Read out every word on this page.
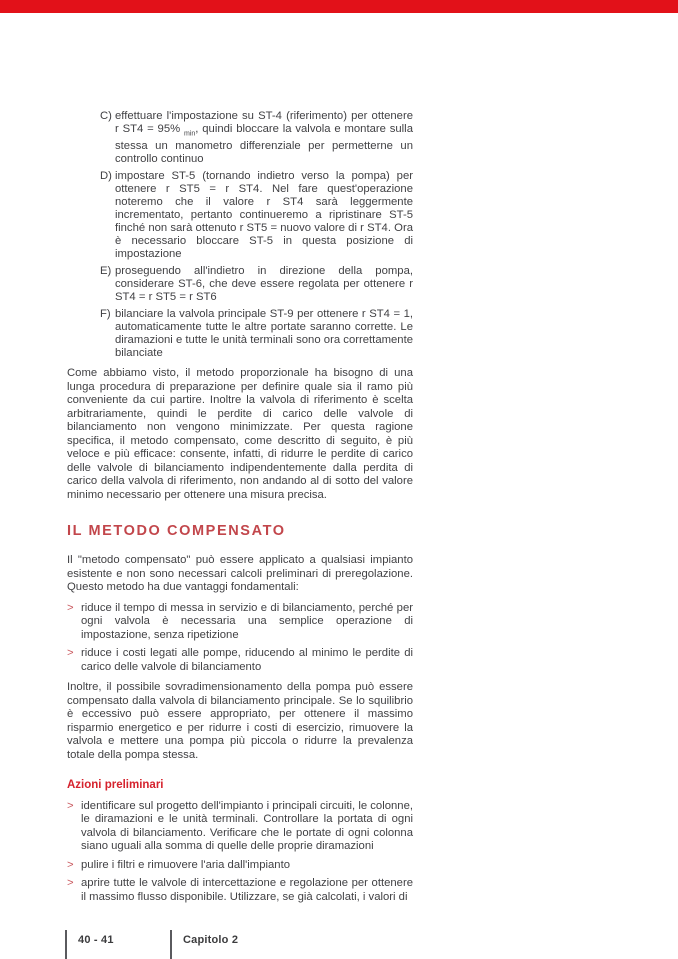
C) effettuare l'impostazione su ST-4 (riferimento) per ottenere r ST4 = 95% $_{min}$, quindi bloccare la valvola e montare sulla stessa un manometro differenziale per permetterne un controllo continuo
D) impostare ST-5 (tornando indietro verso la pompa) per ottenere r ST5 = r ST4. Nel fare quest'operazione noteremo che il valore r ST4 sarà leggermente incrementato, pertanto continueremo a ripristinare ST-5 finché non sarà ottenuto r ST5 = nuovo valore di r ST4. Ora è necessario bloccare ST-5 in questa posizione di impostazione
E) proseguendo all'indietro in direzione della pompa, considerare ST-6, che deve essere regolata per ottenere r ST4 = r ST5 = r ST6
F) bilanciare la valvola principale ST-9 per ottenere r ST4 = 1, automaticamente tutte le altre portate saranno corrette. Le diramazioni e tutte le unità terminali sono ora correttamente bilanciate
Come abbiamo visto, il metodo proporzionale ha bisogno di una lunga procedura di preparazione per definire quale sia il ramo più conveniente da cui partire. Inoltre la valvola di riferimento è scelta arbitrariamente, quindi le perdite di carico delle valvole di bilanciamento non vengono minimizzate. Per questa ragione specifica, il metodo compensato, come descritto di seguito, è più veloce e più efficace: consente, infatti, di ridurre le perdite di carico delle valvole di bilanciamento indipendentemente dalla perdita di carico della valvola di riferimento, non andando al di sotto del valore minimo necessario per ottenere una misura precisa.
IL METODO COMPENSATO
Il "metodo compensato" può essere applicato a qualsiasi impianto esistente e non sono necessari calcoli preliminari di preregolazione. Questo metodo ha due vantaggi fondamentali:
> riduce il tempo di messa in servizio e di bilanciamento, perché per ogni valvola è necessaria una semplice operazione di impostazione, senza ripetizione
> riduce i costi legati alle pompe, riducendo al minimo le perdite di carico delle valvole di bilanciamento
Inoltre, il possibile sovradimensionamento della pompa può essere compensato dalla valvola di bilanciamento principale. Se lo squilibrio è eccessivo può essere appropriato, per ottenere il massimo risparmio energetico e per ridurre i costi di esercizio, rimuovere la valvola e mettere una pompa più piccola o ridurre la prevalenza totale della pompa stessa.
Azioni preliminari
> identificare sul progetto dell'impianto i principali circuiti, le colonne, le diramazioni e le unità terminali. Controllare la portata di ogni valvola di bilanciamento. Verificare che le portate di ogni colonna siano uguali alla somma di quelle delle proprie diramazioni
> pulire i filtri e rimuovere l'aria dall'impianto
> aprire tutte le valvole di intercettazione e regolazione per ottenere il massimo flusso disponibile. Utilizzare, se già calcolati, i valori di
40 - 41	Capitolo 2
